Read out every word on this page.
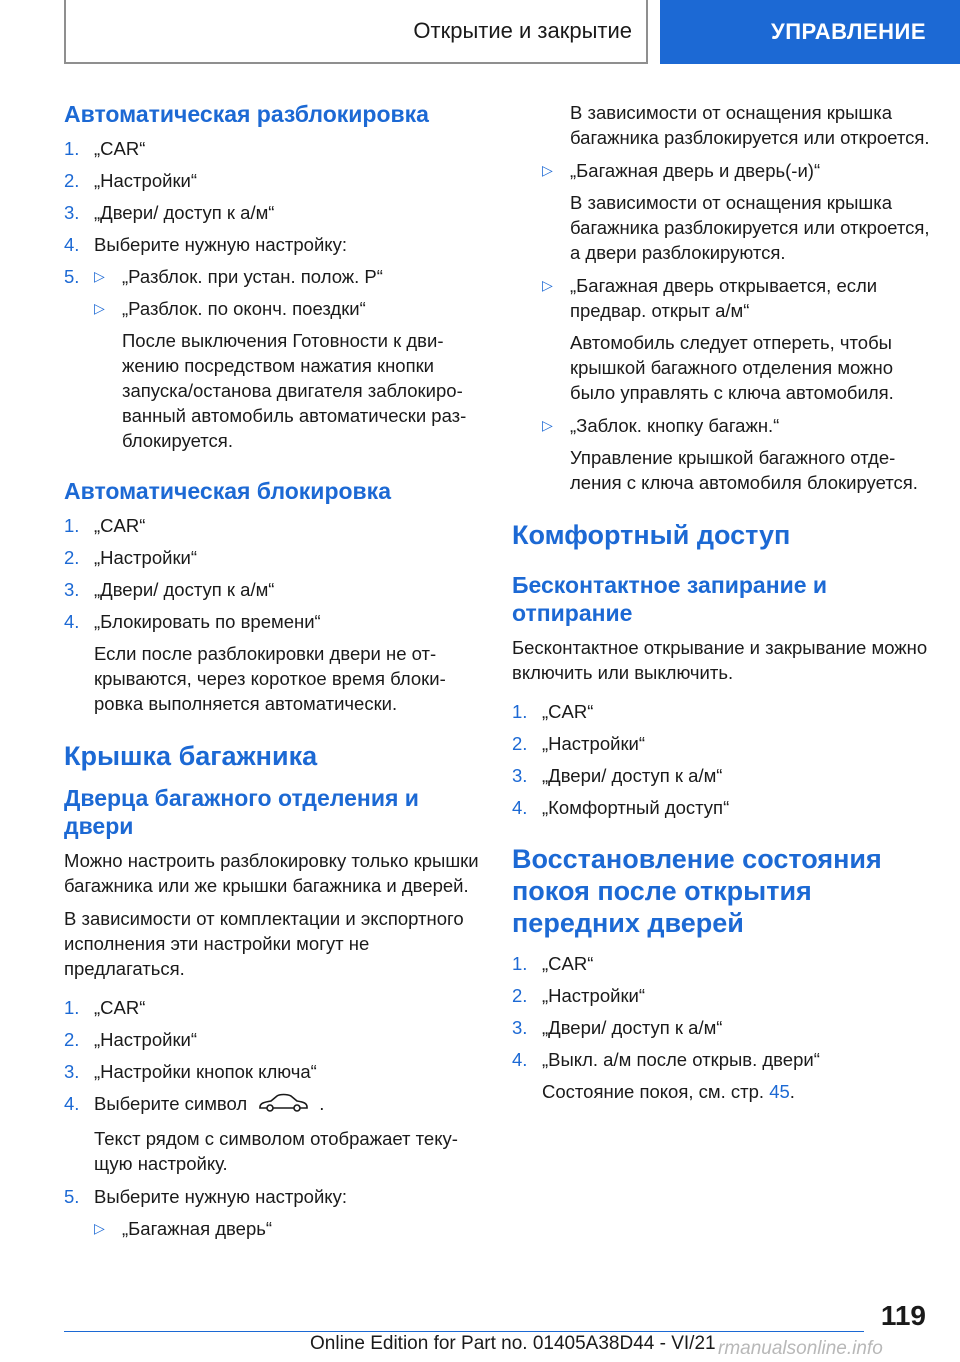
Открытие и закрытие	УПРАВЛЕНИЕ
Автоматическая разблокировка
1. „CAR“
2. „Настройки“
3. „Двери/ доступ к а/м“
4. Выберите нужную настройку:
5.	▷ „Разблок. при устан. полож. Р“
▷ „Разблок. по оконч. поездки“
После выключения Готовности к движению посредством нажатия кнопки запуска/останова двигателя заблокированный автомобиль автоматически разблокируется.
Автоматическая блокировка
1. „CAR“
2. „Настройки“
3. „Двери/ доступ к а/м“
4. „Блокировать по времени“
Если после разблокировки двери не открываются, через короткое время блокировка выполняется автоматически.
Крышка багажника
Дверца багажного отделения и двери
Можно настроить разблокировку только крышки багажника или же крышки багажника и дверей.
В зависимости от комплектации и экспортного исполнения эти настройки могут не предлагаться.
1. „CAR“
2. „Настройки“
3. „Настройки кнопок ключа“
4. Выберите символ	.
Текст рядом с символом отображает текущую настройку.
5. Выберите нужную настройку:
▷ „Багажная дверь“
В зависимости от оснащения крышка багажника разблокируется или откроется.
▷ „Багажная дверь и дверь(-и)“
В зависимости от оснащения крышка багажника разблокируется или откроется, а двери разблокируются.
▷ „Багажная дверь открывается, если предвар. открыт а/м“
Автомобиль следует отпереть, чтобы крышкой багажного отделения можно было управлять с ключа автомобиля.
▷ „Заблок. кнопку багажн.“
Управление крышкой багажного отделения с ключа автомобиля блокируется.
Комфортный доступ
Бесконтактное запирание и отпирание
Бесконтактное открывание и закрывание можно включить или выключить.
1. „CAR“
2. „Настройки“
3. „Двери/ доступ к а/м“
4. „Комфортный доступ“
Восстановление состояния покоя после открытия передних дверей
1. „CAR“
2. „Настройки“
3. „Двери/ доступ к а/м“
4. „Выкл. а/м после открыв. двери“
Состояние покоя, см. стр. 45.
119
Online Edition for Part no. 01405A38D44 - VI/21 rmanualsonline.info
